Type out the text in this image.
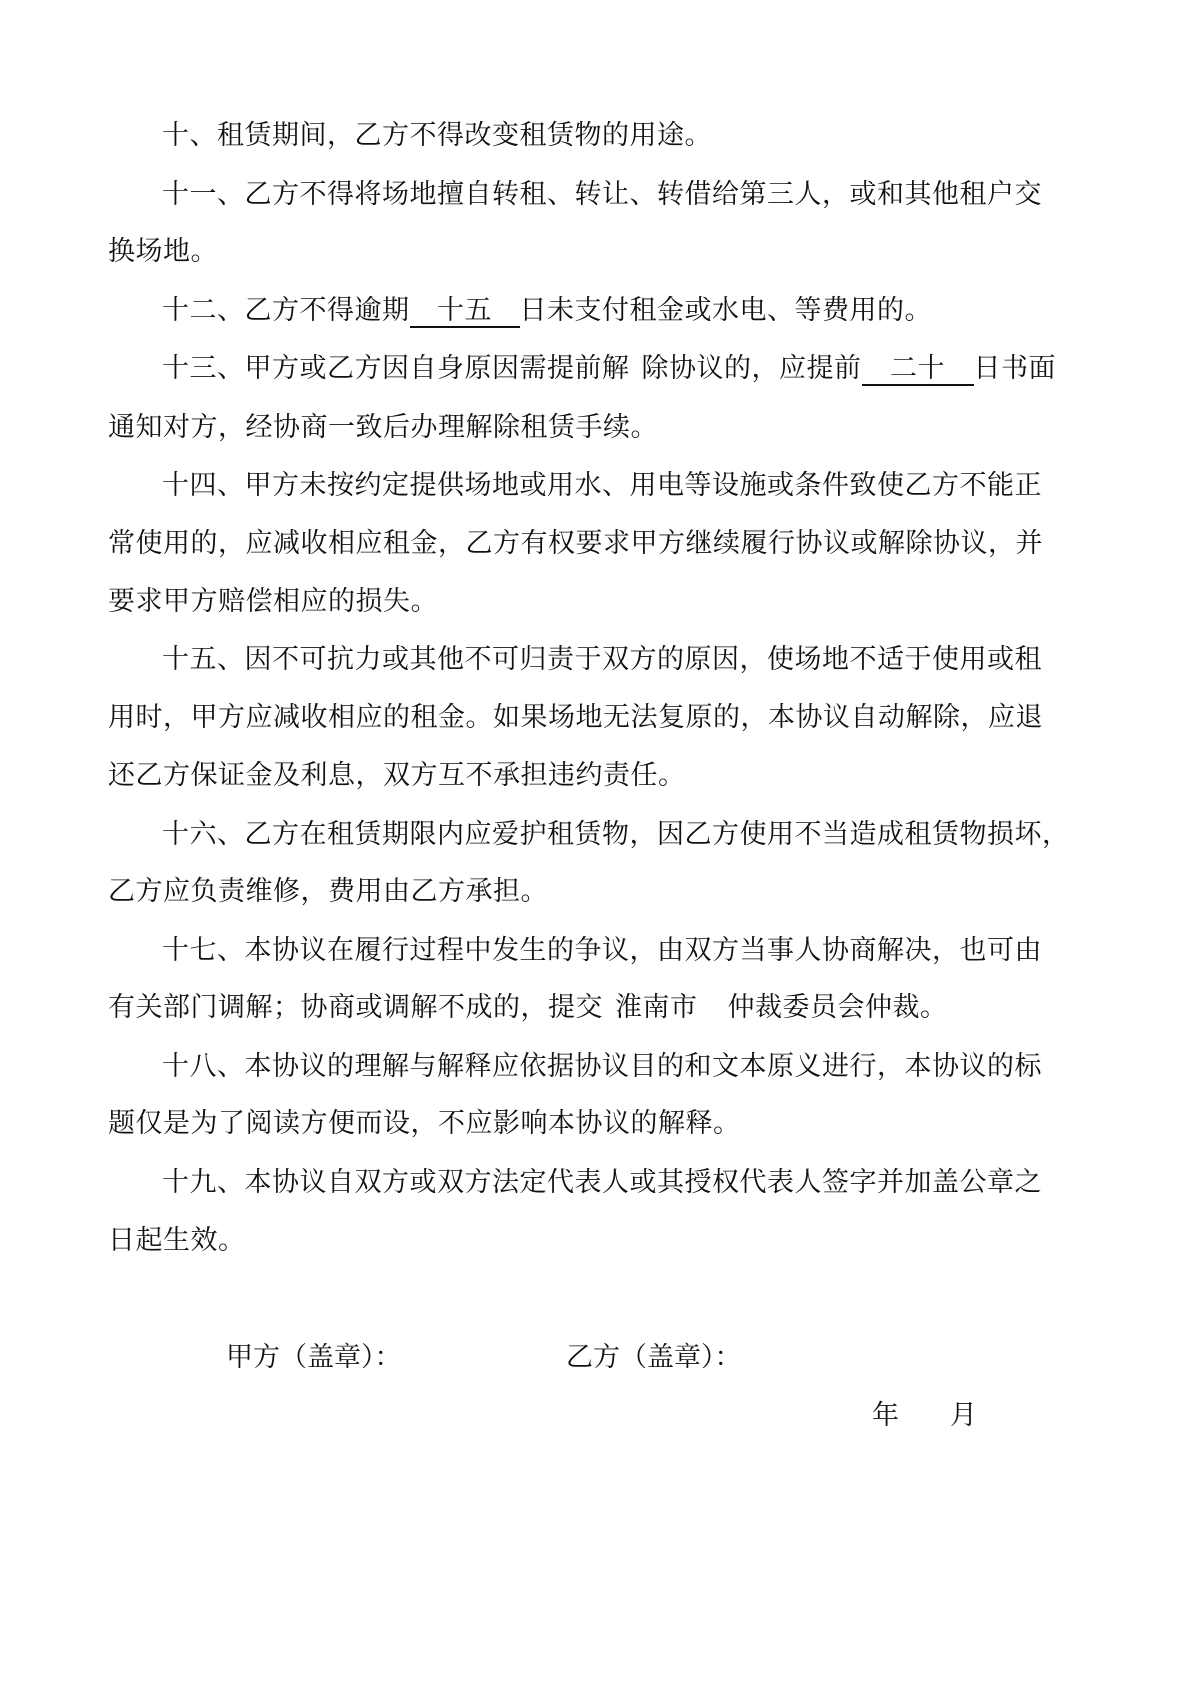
十、租赁期间，乙方不得改变租赁物的用途。
十一、乙方不得将场地擅自转租、转让、转借给第三人，或和其他租户交
换场地。
十二、乙方不得逾期 十五 日未支付租金或水电、等费用的。
十三、甲方或乙方因自身原因需提前解 除协议的，应提前 二十 日书面
通知对方，经协商一致后办理解除租赁手续。
十四、甲方未按约定提供场地或用水、用电等设施或条件致使乙方不能正
常使用的，应减收相应租金，乙方有权要求甲方继续履行协议或解除协议，并
要求甲方赔偿相应的损失。
十五、因不可抗力或其他不可归责于双方的原因，使场地不适于使用或租
用时，甲方应减收相应的租金。如果场地无法复原的，本协议自动解除，应退
还乙方保证金及利息，双方互不承担违约责任。
十六、乙方在租赁期限内应爱护租赁物，因乙方使用不当造成租赁物损坏，
乙方应负责维修，费用由乙方承担。
十七、本协议在履行过程中发生的争议，由双方当事人协商解决，也可由
有关部门调解；协商或调解不成的，提交 淮南市 仲裁委员会仲裁。
十八、本协议的理解与解释应依据协议目的和文本原义进行，本协议的标
题仅是为了阅读方便而设，不应影响本协议的解释。
十九、本协议自双方或双方法定代表人或其授权代表人签字并加盖公章之
日起生效。
甲方（盖章）：	乙方（盖章）：
年 月
